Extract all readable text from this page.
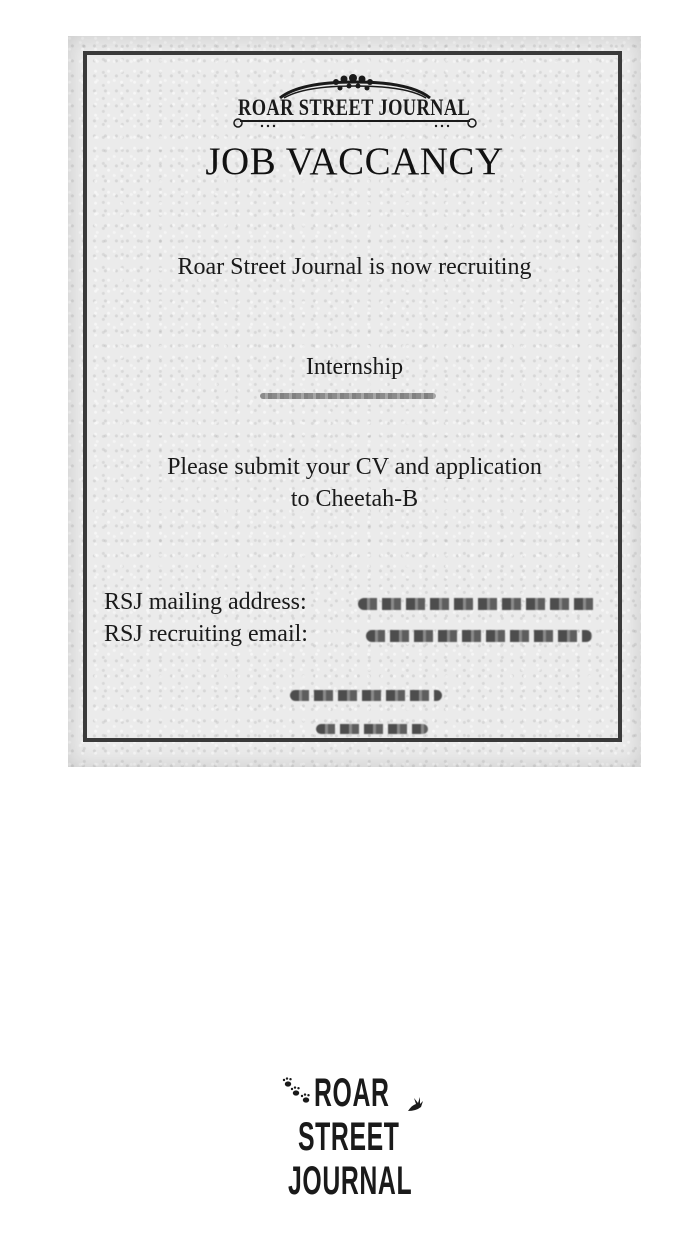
ROAR STREET JOURNAL
JOB VACCANCY
Roar Street Journal is now recruiting
Internship
Please submit your CV and application
to Cheetah-B
RSJ mailing address:
RSJ recruiting email:
ROAR
STREET
JOURNAL
